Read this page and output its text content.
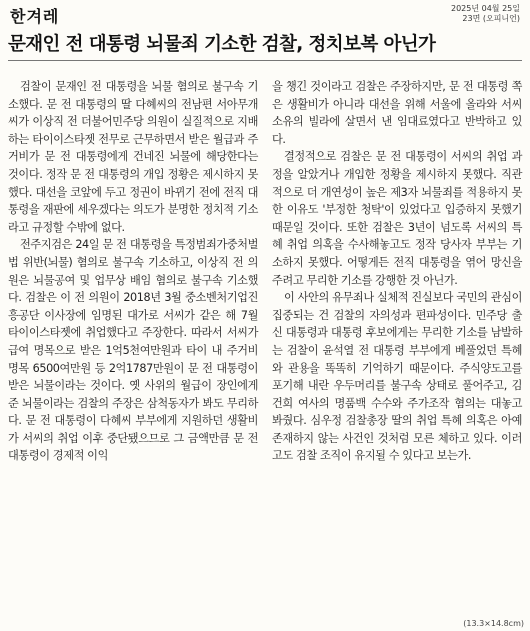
한겨레	2025년 04월 25일
23면 (오피니언)
문재인 전 대통령 뇌물죄 기소한 검찰, 정치보복 아닌가

검찰이 문재인 전 대통령을 뇌물 혐의로 불구속 기소했다. 문 전 대통령의 딸 다혜씨의 전남편 서아무개씨가 이상직 전 더불어민주당 의원이 실질적으로 지배하는 타이이스타젯 전무로 근무하면서 받은 월급과 주거비가 문 전 대통령에게 건네진 뇌물에 해당한다는 것이다. 정작 문 전 대통령의 개입 정황은 제시하지 못했다. 대선을 코앞에 두고 정권이 바뀌기 전에 전직 대통령을 재판에 세우겠다는 의도가 분명한 정치적 기소라고 규정할 수밖에 없다.

전주지검은 24일 문 전 대통령을 특정범죄가중처벌법 위반(뇌물) 혐의로 불구속 기소하고, 이상직 전 의원은 뇌물공여 및 업무상 배임 혐의로 불구속 기소했다. 검찰은 이 전 의원이 2018년 3월 중소벤처기업진흥공단 이사장에 임명된 대가로 서씨가 같은 해 7월 타이이스타젯에 취업했다고 주장한다. 따라서 서씨가 급여 명목으로 받은 1억5천여만원과 타이 내 주거비 명목 6500여만원 등 2억1787만원이 문 전 대통령이 받은 뇌물이라는 것이다. 옛 사위의 월급이 장인에게 준 뇌물이라는 검찰의 주장은 삼척동자가 봐도 무리하다. 문 전 대통령이 다혜씨 부부에게 지원하던 생활비가 서씨의 취업 이후 중단됐으므로 그 금액만큼 문 전 대통령이 경제적 이익

을 챙긴 것이라고 검찰은 주장하지만, 문 전 대통령 쪽은 생활비가 아니라 대선을 위해 서울에 올라와 서씨 소유의 빌라에 살면서 낸 임대료였다고 반박하고 있다.

결정적으로 검찰은 문 전 대통령이 서씨의 취업 과정을 알았거나 개입한 정황을 제시하지 못했다. 직관적으로 더 개연성이 높은 제3자 뇌물죄를 적용하지 못한 이유도 '부정한 청탁'이 있었다고 입증하지 못했기 때문일 것이다. 또한 검찰은 3년이 넘도록 서씨의 특혜 취업 의혹을 수사해놓고도 정작 당사자 부부는 기소하지 못했다. 어떻게든 전직 대통령을 엮어 망신을 주려고 무리한 기소를 강행한 것 아닌가.

이 사안의 유무죄나 실체적 진실보다 국민의 관심이 집중되는 건 검찰의 자의성과 편파성이다. 민주당 출신 대통령과 대통령 후보에게는 무리한 기소를 남발하는 검찰이 윤석열 전 대통령 부부에게 베풀었던 특혜와 관용을 똑똑히 기억하기 때문이다. 주식양도고를 포기해 내란 우두머리를 불구속 상태로 풀어주고, 김건희 여사의 명품백 수수와 주가조작 혐의는 대놓고 봐줬다. 심우정 검찰총장 딸의 취업 특혜 의혹은 아예 존재하지 않는 사건인 것처럼 모른 체하고 있다. 이러고도 검찰 조직이 유지될 수 있다고 보는가.

(13.3×14.8cm)
